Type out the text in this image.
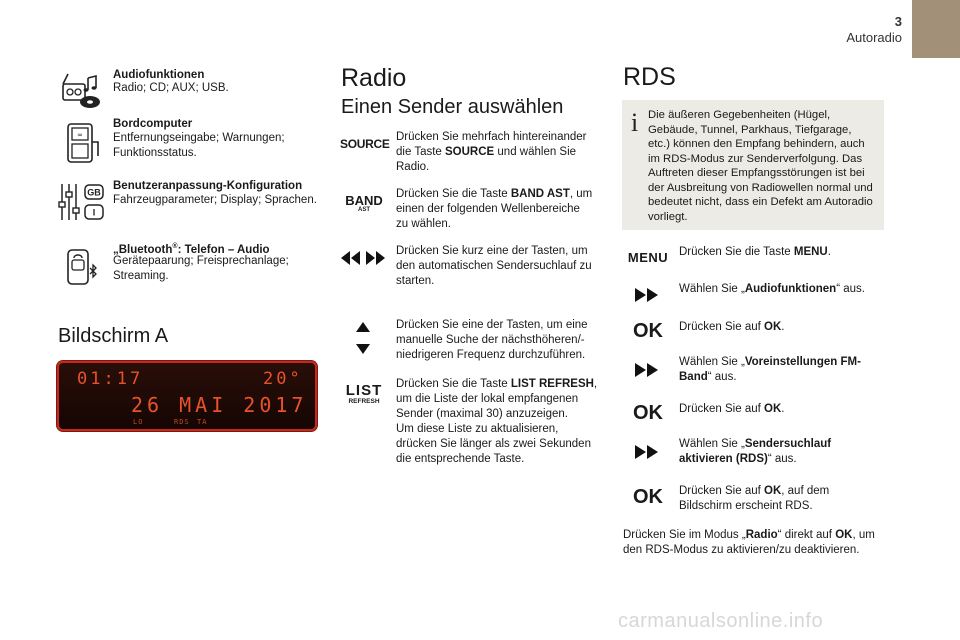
3
Autoradio
Audiofunktionen
Radio; CD; AUX; USB.
∞
Bordcomputer
Entfernungseingabe; Warnungen;
Funktionsstatus.
GB
I
Benutzeranpassung-Konfiguration
Fahrzeugparameter; Display; Sprachen.
„Bluetooth®: Telefon – Audio
Gerätepaarung; Freisprechanlage;
Streaming.
Bildschirm A
01:17	20°
26 MAI 2017
LO	RDS TA
Radio
Einen Sender auswählen
SOURCE Drücken Sie mehrfach hintereinander
die Taste SOURCE und wählen Sie
Radio.
BAND
AST
Drücken Sie die Taste BAND AST, um
einen der folgenden Wellenbereiche
zu wählen.
Drücken Sie kurz eine der Tasten, um
den automatischen Sendersuchlauf zu
starten.
Drücken Sie eine der Tasten, um eine
manuelle Suche der nächsthöheren/-
niedrigeren Frequenz durchzuführen.
LIST
REFRESH
Drücken Sie die Taste LIST REFRESH,
um die Liste der lokal empfangenen
Sender (maximal 30) anzuzeigen.
Um diese Liste zu aktualisieren,
drücken Sie länger als zwei Sekunden
die entsprechende Taste.
RDS
i Die äußeren Gegebenheiten (Hügel,
Gebäude, Tunnel, Parkhaus, Tiefgarage,
etc.) können den Empfang behindern, auch
im RDS-Modus zur Senderverfolgung. Das
Auftreten dieser Empfangsstörungen ist bei
der Ausbreitung von Radiowellen normal und
bedeutet nicht, dass ein Defekt am Autoradio
vorliegt.
MENU Drücken Sie die Taste MENU.
Wählen Sie „Audiofunktionen“ aus.
OK	Drücken Sie auf OK.
Wählen Sie „Voreinstellungen FM-
Band“ aus.
OK	Drücken Sie auf OK.
Wählen Sie „Sendersuchlauf
aktivieren (RDS)“ aus.
OK	Drücken Sie auf OK, auf dem
Bildschirm erscheint RDS.
Drücken Sie im Modus „Radio“ direkt auf OK, um
den RDS-Modus zu aktivieren/zu deaktivieren.
carmanualsonline.info
